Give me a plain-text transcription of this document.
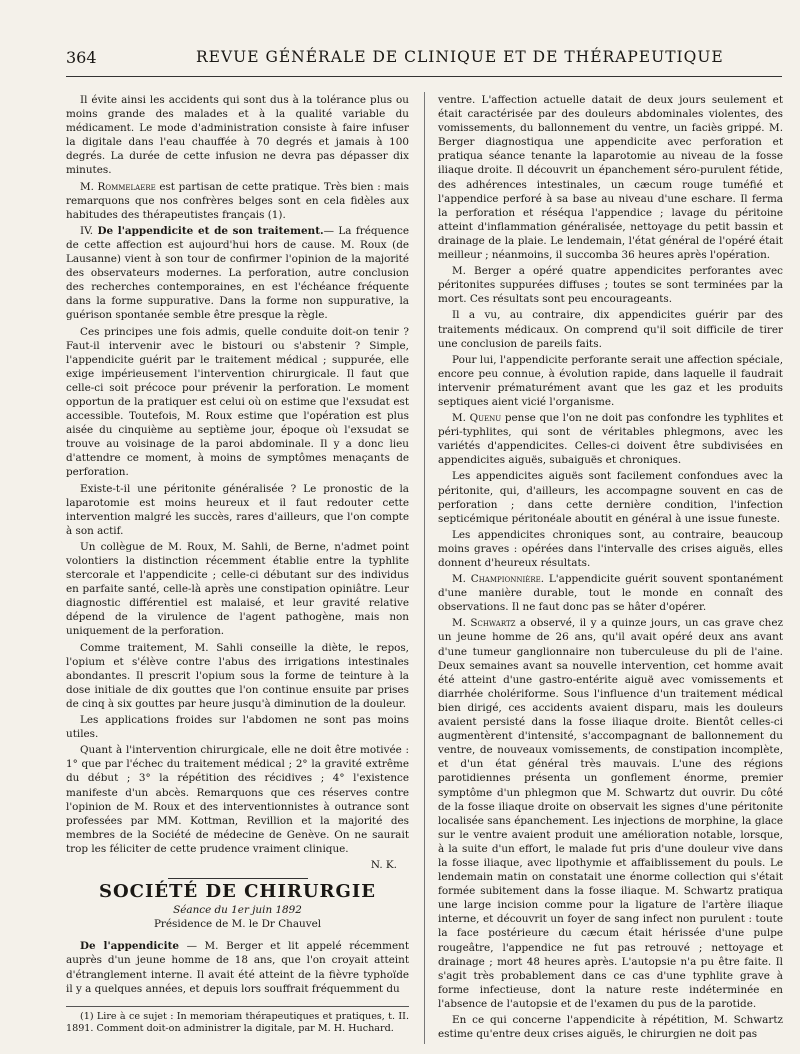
364	REVUE GÉNÉRALE DE CLINIQUE ET DE THÉRAPEUTIQUE

Il évite ainsi les accidents qui sont dus à la tolérance plus ou moins grande des malades et à la qualité variable du médicament. Le mode d'administration consiste à faire infuser la digitale dans l'eau chauffée à 70 degrés et jamais à 100 degrés. La durée de cette infusion ne devra pas dépasser dix minutes.

M. Rommelaere est partisan de cette pratique. Très bien : mais remarquons que nos confrères belges sont en cela fidèles aux habitudes des thérapeutistes français (1).

IV. De l'appendicite et de son traitement.— La fréquence de cette affection est aujourd'hui hors de cause. M. Roux (de Lausanne) vient à son tour de confirmer l'opinion de la majorité des observateurs modernes. La perforation, autre conclusion des recherches contemporaines, en est l'échéance fréquente dans la forme suppurative. Dans la forme non suppurative, la guérison spontanée semble être presque la règle.

Ces principes une fois admis, quelle conduite doit-on tenir ? Faut-il intervenir avec le bistouri ou s'abstenir ? Simple, l'appendicite guérit par le traitement médical ; suppurée, elle exige impérieusement l'intervention chirurgicale. Il faut que celle-ci soit précoce pour prévenir la perforation. Le moment opportun de la pratiquer est celui où on estime que l'exsudat est accessible. Toutefois, M. Roux estime que l'opération est plus aisée du cinquième au septième jour, époque où l'exsudat se trouve au voisinage de la paroi abdominale. Il y a donc lieu d'attendre ce moment, à moins de symptômes menaçants de perforation.

Existe-t-il une péritonite généralisée ? Le pronostic de la laparotomie est moins heureux et il faut redouter cette intervention malgré les succès, rares d'ailleurs, que l'on compte à son actif.

Un collègue de M. Roux, M. Sahli, de Berne, n'admet point volontiers la distinction récemment établie entre la typhlite stercorale et l'appendicite ; celle-ci débutant sur des individus en parfaite santé, celle-là après une constipation opiniâtre. Leur diagnostic différentiel est malaisé, et leur gravité relative dépend de la virulence de l'agent pathogène, mais non uniquement de la perforation.

Comme traitement, M. Sahli conseille la diète, le repos, l'opium et s'élève contre l'abus des irrigations intestinales abondantes. Il prescrit l'opium sous la forme de teinture à la dose initiale de dix gouttes que l'on continue ensuite par prises de cinq à six gouttes par heure jusqu'à diminution de la douleur.

Les applications froides sur l'abdomen ne sont pas moins utiles.

Quant à l'intervention chirurgicale, elle ne doit être motivée : 1° que par l'échec du traitement médical ; 2° la gravité extrême du début ; 3° la répétition des récidives ; 4° l'existence manifeste d'un abcès. Remarquons que ces réserves contre l'opinion de M. Roux et des interventionnistes à outrance sont professées par MM. Kottman, Revillion et la majorité des membres de la Société de médecine de Genève. On ne saurait trop les féliciter de cette prudence vraiment clinique.

N. K.

SOCIÉTÉ DE CHIRURGIE

Séance du 1er juin 1892

Présidence de M. le Dr Chauvel

De l'appendicite — M. Berger et lit appelé récemment auprès d'un jeune homme de 18 ans, que l'on croyait atteint d'étranglement interne. Il avait été atteint de la fièvre typhoïde il y a quelques années, et depuis lors souffrait fréquemment du

(1) Lire à ce sujet : In memoriam thérapeutiques et pratiques, t. II. 1891. Comment doit-on administrer la digitale, par M. H. Huchard.

ventre. L'affection actuelle datait de deux jours seulement et était caractérisée par des douleurs abdominales violentes, des vomissements, du ballonnement du ventre, un faciès grippé. M. Berger diagnostiqua une appendicite avec perforation et pratiqua séance tenante la laparotomie au niveau de la fosse iliaque droite. Il découvrit un épanchement séro-purulent fétide, des adhérences intestinales, un cæcum rouge tuméfié et l'appendice perforé à sa base au niveau d'une eschare. Il ferma la perforation et réséqua l'appendice ; lavage du péritoine atteint d'inflammation généralisée, nettoyage du petit bassin et drainage de la plaie. Le lendemain, l'état général de l'opéré était meilleur ; néanmoins, il succomba 36 heures après l'opération.

M. Berger a opéré quatre appendicites perforantes avec péritonites suppurées diffuses ; toutes se sont terminées par la mort. Ces résultats sont peu encourageants.

Il a vu, au contraire, dix appendicites guérir par des traitements médicaux. On comprend qu'il soit difficile de tirer une conclusion de pareils faits.

Pour lui, l'appendicite perforante serait une affection spéciale, encore peu connue, à évolution rapide, dans laquelle il faudrait intervenir prématurément avant que les gaz et les produits septiques aient vicié l'organisme.

M. Quenu pense que l'on ne doit pas confondre les typhlites et péri-typhlites, qui sont de véritables phlegmons, avec les variétés d'appendicites. Celles-ci doivent être subdivisées en appendicites aiguës, subaiguës et chroniques.

Les appendicites aiguës sont facilement confondues avec la péritonite, qui, d'ailleurs, les accompagne souvent en cas de perforation ; dans cette dernière condition, l'infection septicémique péritonéale aboutit en général à une issue funeste.

Les appendicites chroniques sont, au contraire, beaucoup moins graves : opérées dans l'intervalle des crises aiguës, elles donnent d'heureux résultats.

M. Championnière. L'appendicite guérit souvent spontanément d'une manière durable, tout le monde en connaît des observations. Il ne faut donc pas se hâter d'opérer.

M. Schwartz a observé, il y a quinze jours, un cas grave chez un jeune homme de 26 ans, qu'il avait opéré deux ans avant d'une tumeur ganglionnaire non tuberculeuse du pli de l'aine. Deux semaines avant sa nouvelle intervention, cet homme avait été atteint d'une gastro-entérite aiguë avec vomissements et diarrhée cholériforme. Sous l'influence d'un traitement médical bien dirigé, ces accidents avaient disparu, mais les douleurs avaient persisté dans la fosse iliaque droite. Bientôt celles-ci augmentèrent d'intensité, s'accompagnant de ballonnement du ventre, de nouveaux vomissements, de constipation incomplète, et d'un état général très mauvais. L'une des régions parotidiennes présenta un gonflement énorme, premier symptôme d'un phlegmon que M. Schwartz dut ouvrir. Du côté de la fosse iliaque droite on observait les signes d'une péritonite localisée sans épanchement. Les injections de morphine, la glace sur le ventre avaient produit une amélioration notable, lorsque, à la suite d'un effort, le malade fut pris d'une douleur vive dans la fosse iliaque, avec lipothymie et affaiblissement du pouls. Le lendemain matin on constatait une énorme collection qui s'était formée subitement dans la fosse iliaque. M. Schwartz pratiqua une large incision comme pour la ligature de l'artère iliaque interne, et découvrit un foyer de sang infect non purulent : toute la face postérieure du cæcum était hérissée d'une pulpe rougeâtre, l'appendice ne fut pas retrouvé ; nettoyage et drainage ; mort 48 heures après. L'autopsie n'a pu être faite. Il s'agit très probablement dans ce cas d'une typhlite grave à forme infectieuse, dont la nature reste indéterminée en l'absence de l'autopsie et de l'examen du pus de la parotide.

En ce qui concerne l'appendicite à répétition, M. Schwartz estime qu'entre deux crises aiguës, le chirurgien ne doit pas
